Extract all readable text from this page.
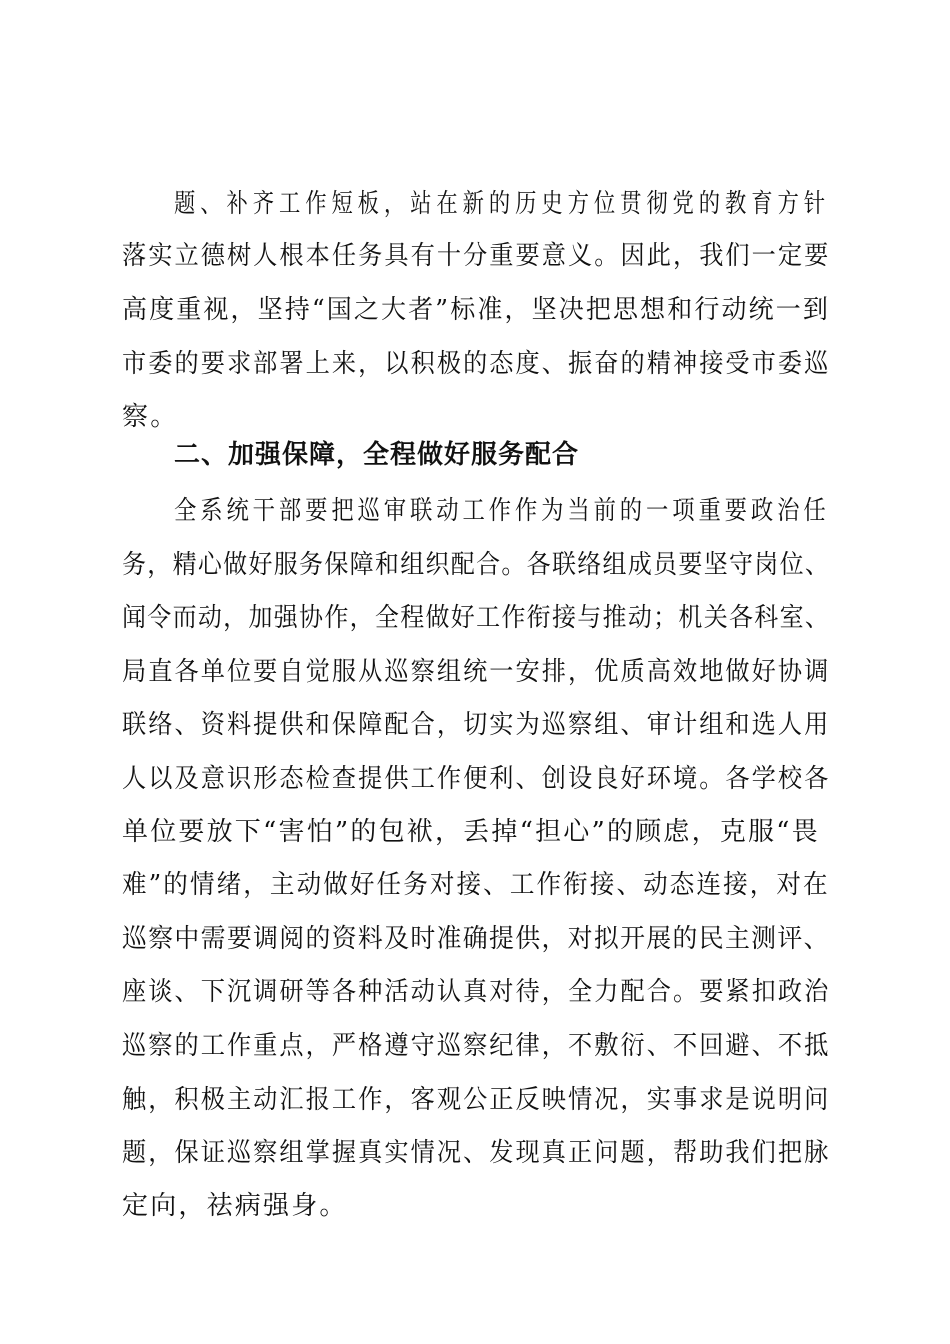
题、补齐工作短板，站在新的历史方位贯彻党的教育方针
落实立德树人根本任务具有十分重要意义。因此，我们一定要
高度重视，坚持“国之大者”标准，坚决把思想和行动统一到
市委的要求部署上来，以积极的态度、振奋的精神接受市委巡
察。
二、加强保障，全程做好服务配合
全系统干部要把巡审联动工作作为当前的一项重要政治任
务，精心做好服务保障和组织配合。各联络组成员要坚守岗位、
闻令而动，加强协作，全程做好工作衔接与推动；机关各科室、
局直各单位要自觉服从巡察组统一安排，优质高效地做好协调
联络、资料提供和保障配合，切实为巡察组、审计组和选人用
人以及意识形态检查提供工作便利、创设良好环境。各学校各
单位要放下“害怕”的包袱，丢掉“担心”的顾虑，克服“畏
难”的情绪，主动做好任务对接、工作衔接、动态连接，对在
巡察中需要调阅的资料及时准确提供，对拟开展的民主测评、
座谈、下沉调研等各种活动认真对待，全力配合。要紧扣政治
巡察的工作重点，严格遵守巡察纪律，不敷衍、不回避、不抵
触，积极主动汇报工作，客观公正反映情况，实事求是说明问
题，保证巡察组掌握真实情况、发现真正问题，帮助我们把脉
定向，祛病强身。
